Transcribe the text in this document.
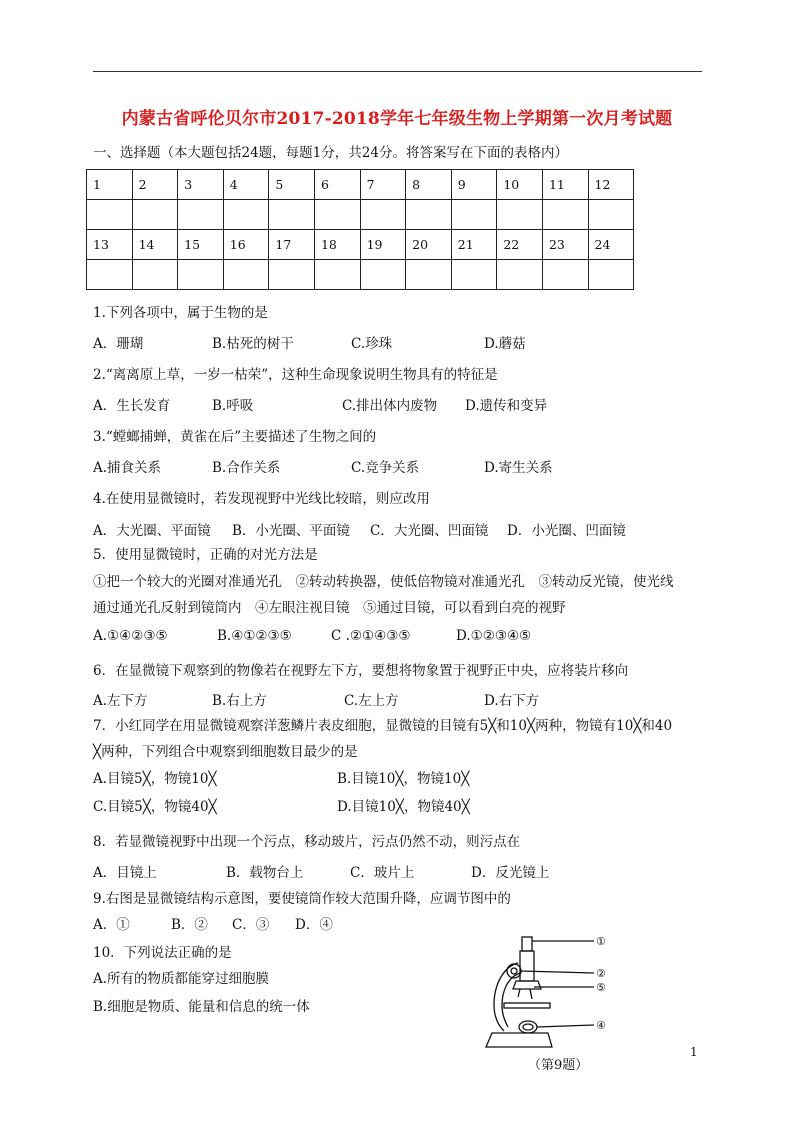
内蒙古省呼伦贝尔市2017-2018学年七年级生物上学期第一次月考试题
一、选择题（本大题包括24题，每题1分，共24分。将答案写在下面的表格内）
1	2	3	4	5	6	7	8	9	10	11	12

13	14	15	16	17	18	19	20	21	22	23	24

1.下列各项中，属于生物的是
A．珊瑚	B.枯死的树干	C.珍珠	D.蘑菇
2.“离离原上草，一岁一枯荣”，这种生命现象说明生物具有的特征是
A．生长发育	B.呼吸	C.排出体内废物 D.遗传和变异
3.“螳螂捕蝉，黄雀在后”主要描述了生物之间的
A.捕食关系	B.合作关系	C.竞争关系	D.寄生关系
4.在使用显微镜时，若发现视野中光线比较暗，则应改用
A．大光圈、平面镜 B．小光圈、平面镜 C．大光圈、凹面镜 D．小光圈、凹面镜
5．使用显微镜时，正确的对光方法是
①把一个较大的光圈对准通光孔　②转动转换器，使低倍物镜对准通光孔　③转动反光镜，使光线
通过通光孔反射到镜筒内　④左眼注视目镜　⑤通过目镜，可以看到白亮的视野
A.①④②③⑤	B.④①②③⑤	C .②①④③⑤	D.①②③④⑤
6．在显微镜下观察到的物像若在视野左下方，要想将物象置于视野正中央，应将装片移向
A.左下方	B.右上方	C.左上方	D.右下方
7．小红同学在用显微镜观察洋葱鳞片表皮细胞，显微镜的目镜有5╳和10╳两种，物镜有10╳和40
╳两种，下列组合中观察到细胞数目最少的是
A.目镜5╳，物镜10╳	B.目镜10╳，物镜10╳
C.目镜5╳，物镜40╳	D.目镜10╳，物镜40╳
8．若显微镜视野中出现一个污点，移动玻片，污点仍然不动，则污点在
A．目镜上	B．载物台上	C．玻片上	D．反光镜上
9.右图是显微镜结构示意图，要使镜筒作较大范围升降，应调节图中的
A．①	B．② C．③ D．④
10．下列说法正确的是
A.所有的物质都能穿过细胞膜
B.细胞是物质、能量和信息的统一体
①
②
⑤
④
（第9题）
1
